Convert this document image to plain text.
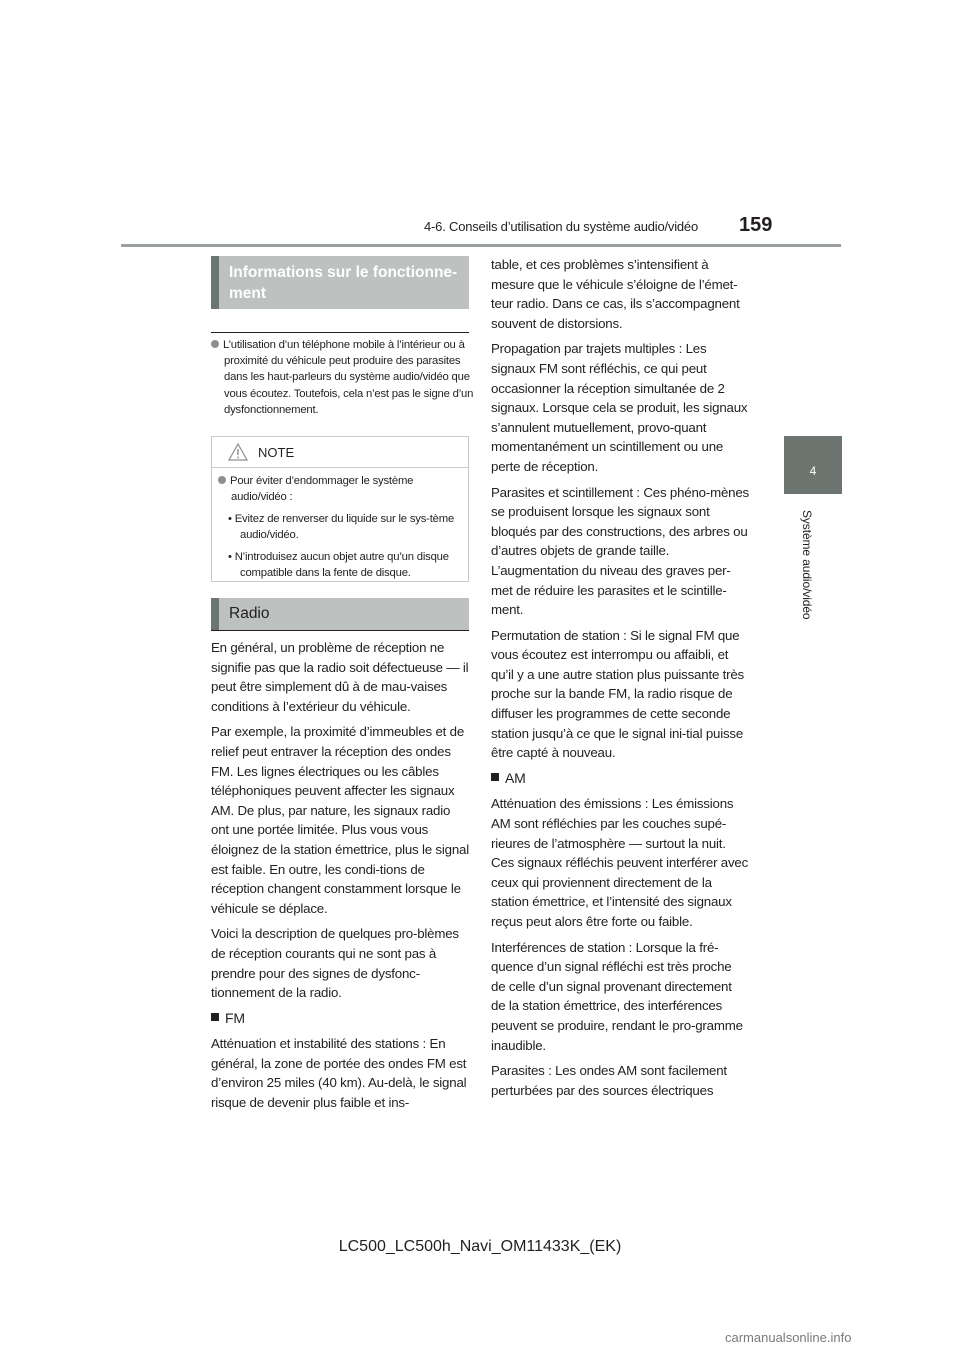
4-6. Conseils d’utilisation du système audio/vidéo 159
4
Système audio/vidéo
Informations sur le fonctionne-
ment
L’utilisation d’un téléphone mobile à l’intérieur ou à proximité du véhicule peut produire des parasites dans les haut-parleurs du système audio/vidéo que vous écoutez. Toutefois, cela n’est pas le signe d’un dysfonctionnement.
NOTE
Pour éviter d’endommager le système audio/vidéo :
• Evitez de renverser du liquide sur le sys-tème audio/vidéo.
• N’introduisez aucun objet autre qu’un disque compatible dans la fente de disque.
Radio

En général, un problème de réception ne signifie pas que la radio soit défectueuse — il peut être simplement dû à de mau-vaises conditions à l’extérieur du véhicule.

Par exemple, la proximité d’immeubles et de relief peut entraver la réception des ondes FM. Les lignes électriques ou les câbles téléphoniques peuvent affecter les signaux AM. De plus, par nature, les signaux radio ont une portée limitée. Plus vous vous éloignez de la station émettrice, plus le signal est faible. En outre, les condi-tions de réception changent constamment lorsque le véhicule se déplace.

Voici la description de quelques pro-blèmes de réception courants qui ne sont pas à prendre pour des signes de dysfonc-tionnement de la radio.

FM

Atténuation et instabilité des stations : En général, la zone de portée des ondes FM est d’environ 25 miles (40 km). Au-delà, le signal risque de devenir plus faible et ins-

table, et ces problèmes s’intensifient à mesure que le véhicule s’éloigne de l’émet-teur radio. Dans ce cas, ils s’accompagnent souvent de distorsions.

Propagation par trajets multiples : Les signaux FM sont réfléchis, ce qui peut occasionner la réception simultanée de 2 signaux. Lorsque cela se produit, les signaux s’annulent mutuellement, provo-quant momentanément un scintillement ou une perte de réception.

Parasites et scintillement : Ces phéno-mènes se produisent lorsque les signaux sont bloqués par des constructions, des arbres ou d’autres objets de grande taille. L’augmentation du niveau des graves per-met de réduire les parasites et le scintille-ment.

Permutation de station : Si le signal FM que vous écoutez est interrompu ou affaibli, et qu’il y a une autre station plus puissante très proche sur la bande FM, la radio risque de diffuser les programmes de cette seconde station jusqu’à ce que le signal ini-tial puisse être capté à nouveau.

AM

Atténuation des émissions : Les émissions AM sont réfléchies par les couches supé-rieures de l’atmosphère — surtout la nuit. Ces signaux réfléchis peuvent interférer avec ceux qui proviennent directement de la station émettrice, et l’intensité des signaux reçus peut alors être forte ou faible.

Interférences de station : Lorsque la fré-quence d’un signal réfléchi est très proche de celle d’un signal provenant directement de la station émettrice, des interférences peuvent se produire, rendant le pro-gramme inaudible.

Parasites : Les ondes AM sont facilement perturbées par des sources électriques

LC500_LC500h_Navi_OM11433K_(EK)
carmanualsonline.info
